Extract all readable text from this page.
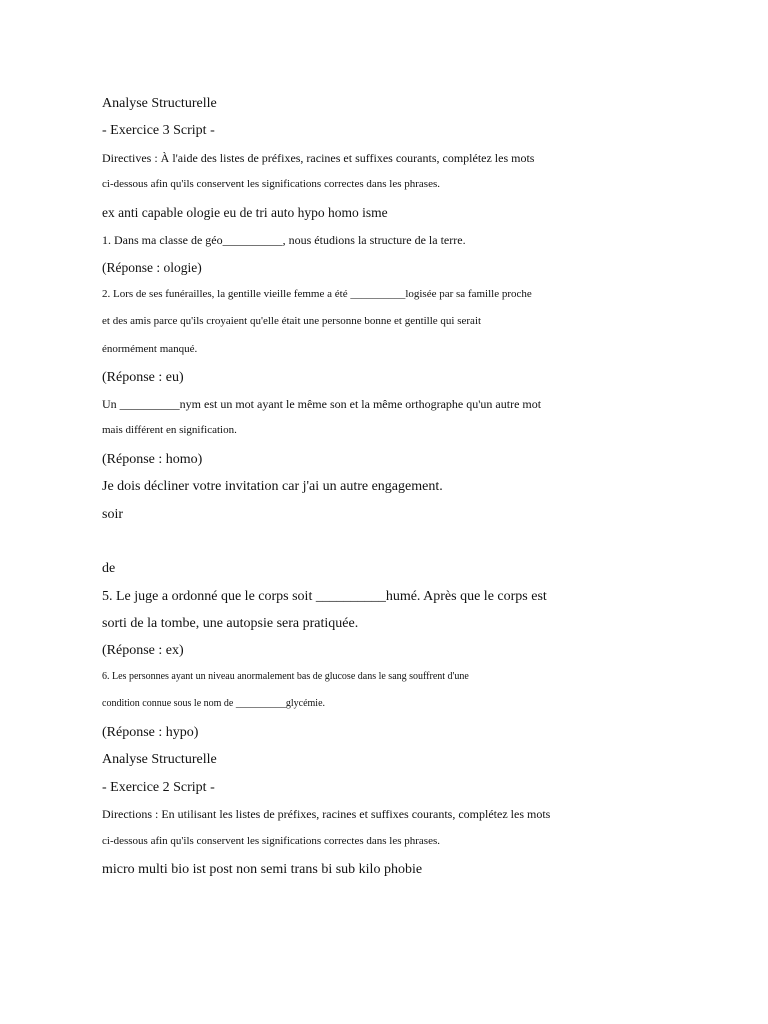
Analyse Structurelle
- Exercice 3 Script -
Directives : À l'aide des listes de préfixes, racines et suffixes courants, complétez les mots
ci-dessous afin qu'ils conservent les significations correctes dans les phrases.
ex anti capable ologie eu de tri auto hypo homo isme
1. Dans ma classe de géo__________, nous étudions la structure de la terre.
(Réponse : ologie)
2. Lors de ses funérailles, la gentille vieille femme a été __________logisée par sa famille proche
et des amis parce qu'ils croyaient qu'elle était une personne bonne et gentille qui serait
énormément manqué.
(Réponse : eu)
Un __________nym est un mot ayant le même son et la même orthographe qu'un autre mot
mais différent en signification.
(Réponse : homo)
Je dois décliner votre invitation car j'ai un autre engagement.
soir
de
5. Le juge a ordonné que le corps soit __________humé. Après que le corps est
sorti de la tombe, une autopsie sera pratiquée.
(Réponse : ex)
6. Les personnes ayant un niveau anormalement bas de glucose dans le sang souffrent d'une
condition connue sous le nom de __________glycémie.
(Réponse : hypo)
Analyse Structurelle
- Exercice 2 Script -
Directions : En utilisant les listes de préfixes, racines et suffixes courants, complétez les mots
ci-dessous afin qu'ils conservent les significations correctes dans les phrases.
micro multi bio ist post non semi trans bi sub kilo phobie
